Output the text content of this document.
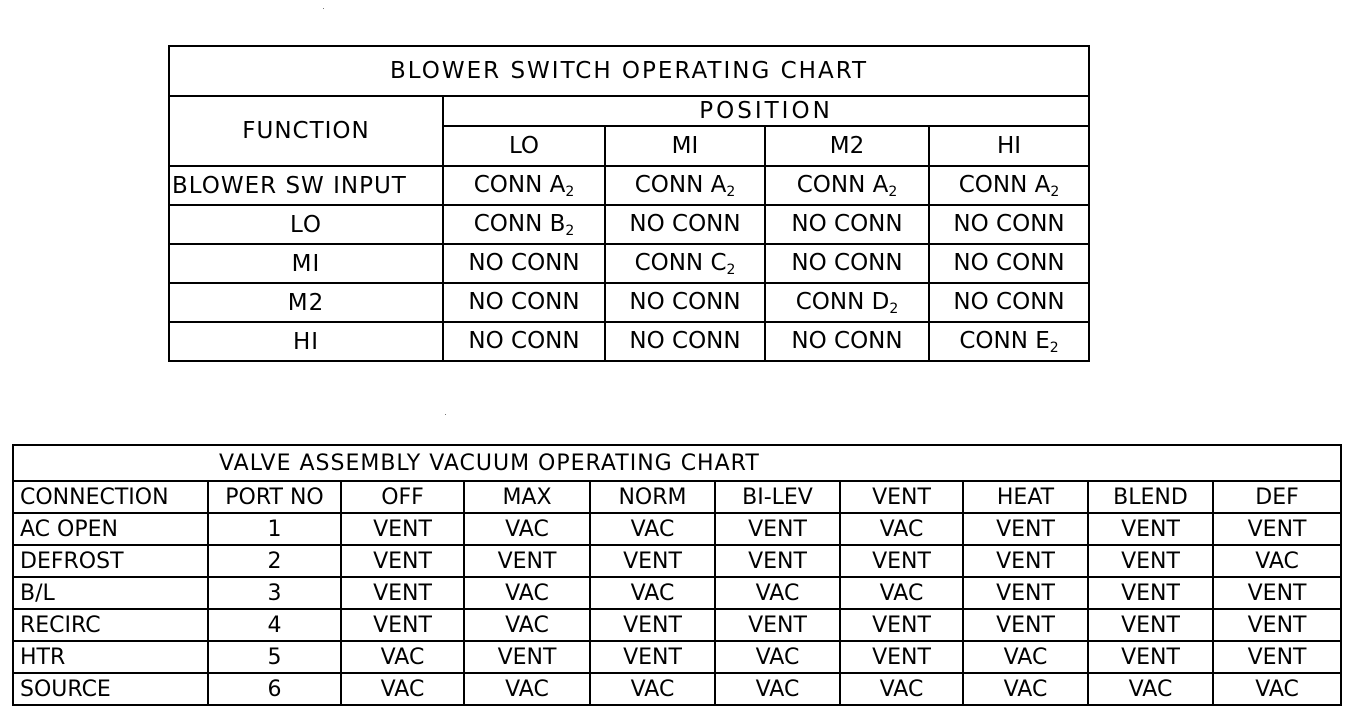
BLOWER SWITCH OPERATING CHART				
FUNCTION	POSITION			
	LO	MI	M2	HI
BLOWER SW INPUT	CONN $A_2$	CONN $A_2$	CONN $A_2$	CONN $A_2$
LO	CONN $B_2$	NO CONN	NO CONN	NO CONN
MI	NO CONN	CONN $C_2$	NO CONN	NO CONN
M2	NO CONN	NO CONN	CONN $D_2$	NO CONN
HI	NO CONN	NO CONN	NO CONN	CONN $E_2$
VALVE ASSEMBLY VACUUM OPERATING CHART									
CONNECTION	PORT NO	OFF	MAX	NORM	BI-LEV	VENT	HEAT	BLEND	DEF
AC OPEN	1	VENT	VAC	VAC	VENT	VAC	VENT	VENT	VENT
DEFROST	2	VENT	VENT	VENT	VENT	VENT	VENT	VENT	VAC
B/L	3	VENT	VAC	VAC	VAC	VAC	VENT	VENT	VENT
RECIRC	4	VENT	VAC	VENT	VENT	VENT	VENT	VENT	VENT
HTR	5	VAC	VENT	VENT	VAC	VENT	VAC	VENT	VENT
SOURCE	6	VAC	VAC	VAC	VAC	VAC	VAC	VAC	VAC
